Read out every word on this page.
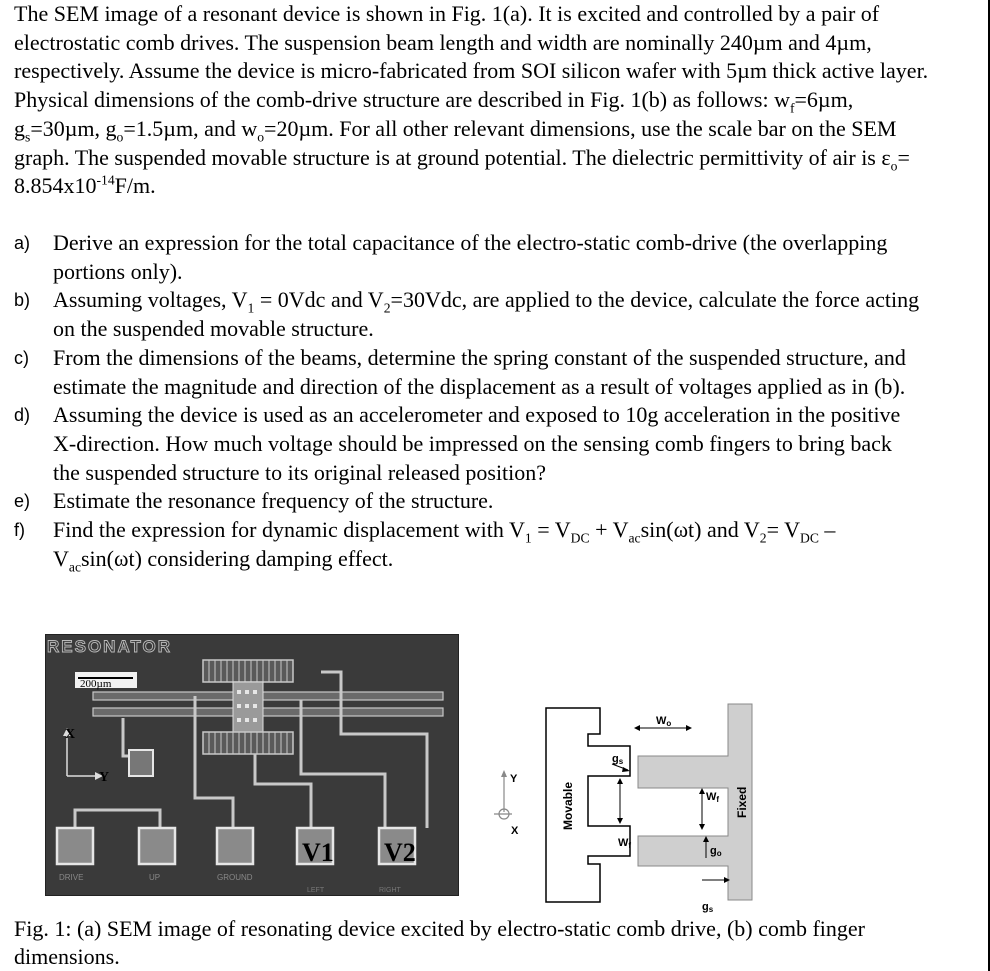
The SEM image of a resonant device is shown in Fig. 1(a). It is excited and controlled by a pair of electrostatic comb drives. The suspension beam length and width are nominally 240µm and 4µm, respectively. Assume the device is micro-fabricated from SOI silicon wafer with 5µm thick active layer. Physical dimensions of the comb-drive structure are described in Fig. 1(b) as follows: $w_f=6\mu m$, $g_s=30\mu m$, $g_o=1.5\mu m$, and $w_o=20\mu m$. For all other relevant dimensions, use the scale bar on the SEM graph. The suspended movable structure is at ground potential. The dielectric permittivity of air is $\varepsilon_o= 8.854x10^{-14}F/m$.

a) Derive an expression for the total capacitance of the electro-static comb-drive (the overlapping portions only).
b) Assuming voltages, $V_1 = 0Vdc$ and $V_2=30Vdc$, are applied to the device, calculate the force acting on the suspended movable structure.
c) From the dimensions of the beams, determine the spring constant of the suspended structure, and estimate the magnitude and direction of the displacement as a result of voltages applied as in (b).
d) Assuming the device is used as an accelerometer and exposed to 10g acceleration in the positive X-direction. How much voltage should be impressed on the sensing comb fingers to bring back the suspended structure to its original released position?
e) Estimate the resonance frequency of the structure.
f) Find the expression for dynamic displacement with $V_1 = V_{DC} + V_{ac}\sin(\omega t)$ and $V_2= V_{DC} - V_{ac}\sin(\omega t)$ considering damping effect.
RESONATOR
200µm
X
Y
V1 V2
DRIVE	UP	GROUND
LEFT	RIGHT
Y
X
Movable	Fixed
Wo
gs
Wf
Wf	go
gs

Fig. 1: (a) SEM image of resonating device excited by electro-static comb drive, (b) comb finger dimensions.
